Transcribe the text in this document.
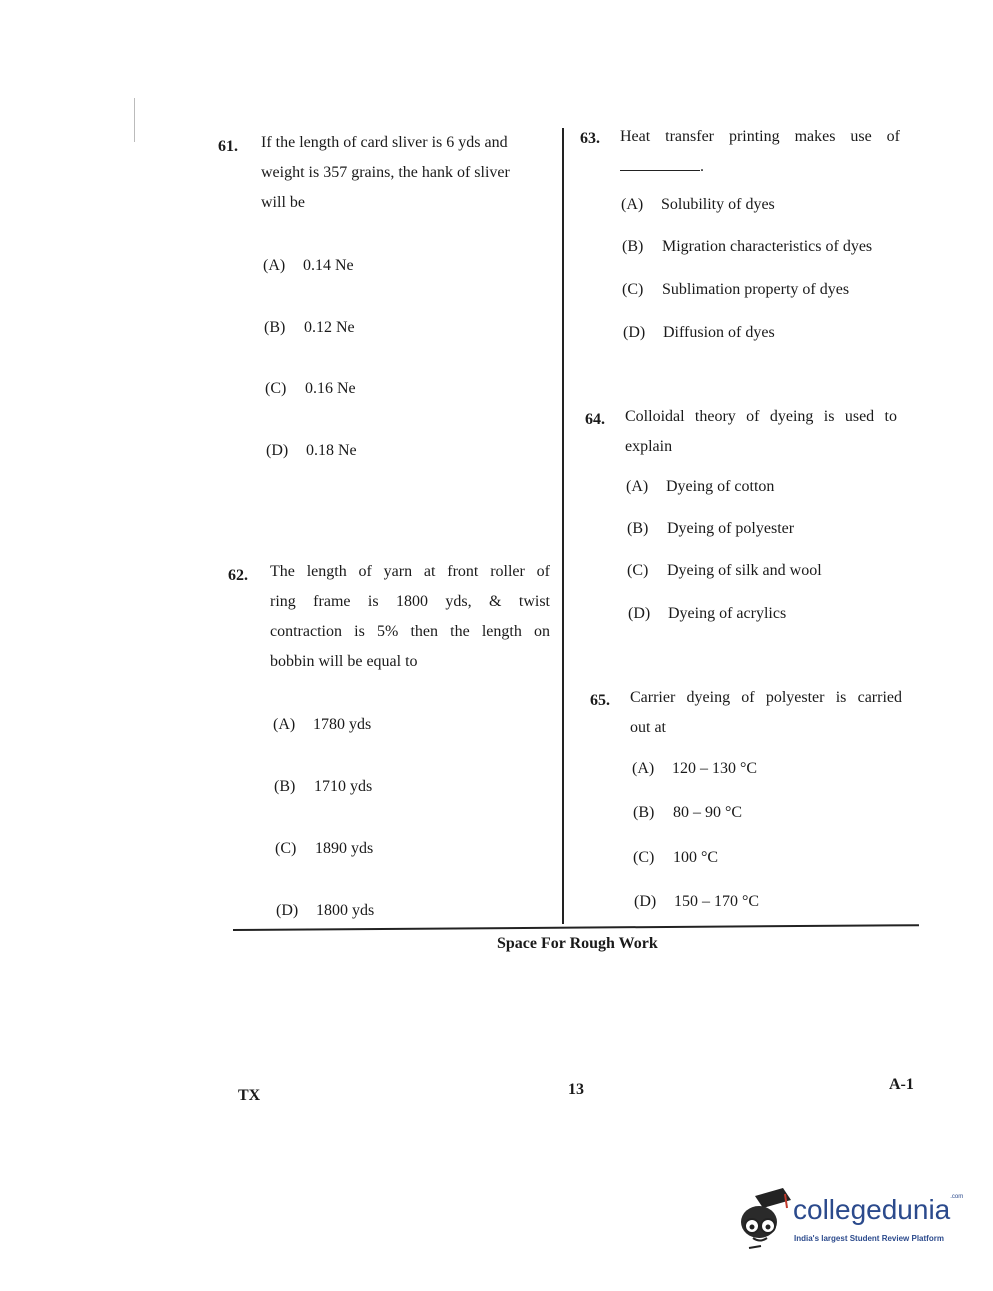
61. If the length of card sliver is 6 yds and
weight is 357 grains, the hank of sliver
will be
(A) 0.14 Ne
(B) 0.12 Ne
(C) 0.16 Ne
(D) 0.18 Ne
62. The length of yarn at front roller of
ring frame is 1800 yds, & twist
contraction is 5% then the length on
bobbin will be equal to
(A) 1780 yds
(B) 1710 yds
(C) 1890 yds
(D) 1800 yds
63. Heat transfer printing makes use of
.
(A) Solubility of dyes
(B) Migration characteristics of dyes
(C) Sublimation property of dyes
(D) Diffusion of dyes
64. Colloidal theory of dyeing is used to
explain
(A) Dyeing of cotton
(B) Dyeing of polyester
(C) Dyeing of silk and wool
(D) Dyeing of acrylics
65. Carrier dyeing of polyester is carried
out at
(A) 120 – 130 °C
(B) 80 – 90 °C
(C) 100 °C
(D) 150 – 170 °C
Space For Rough Work
TX	13	A-1
collegedunia$^{.com}$
India's largest Student Review Platform
